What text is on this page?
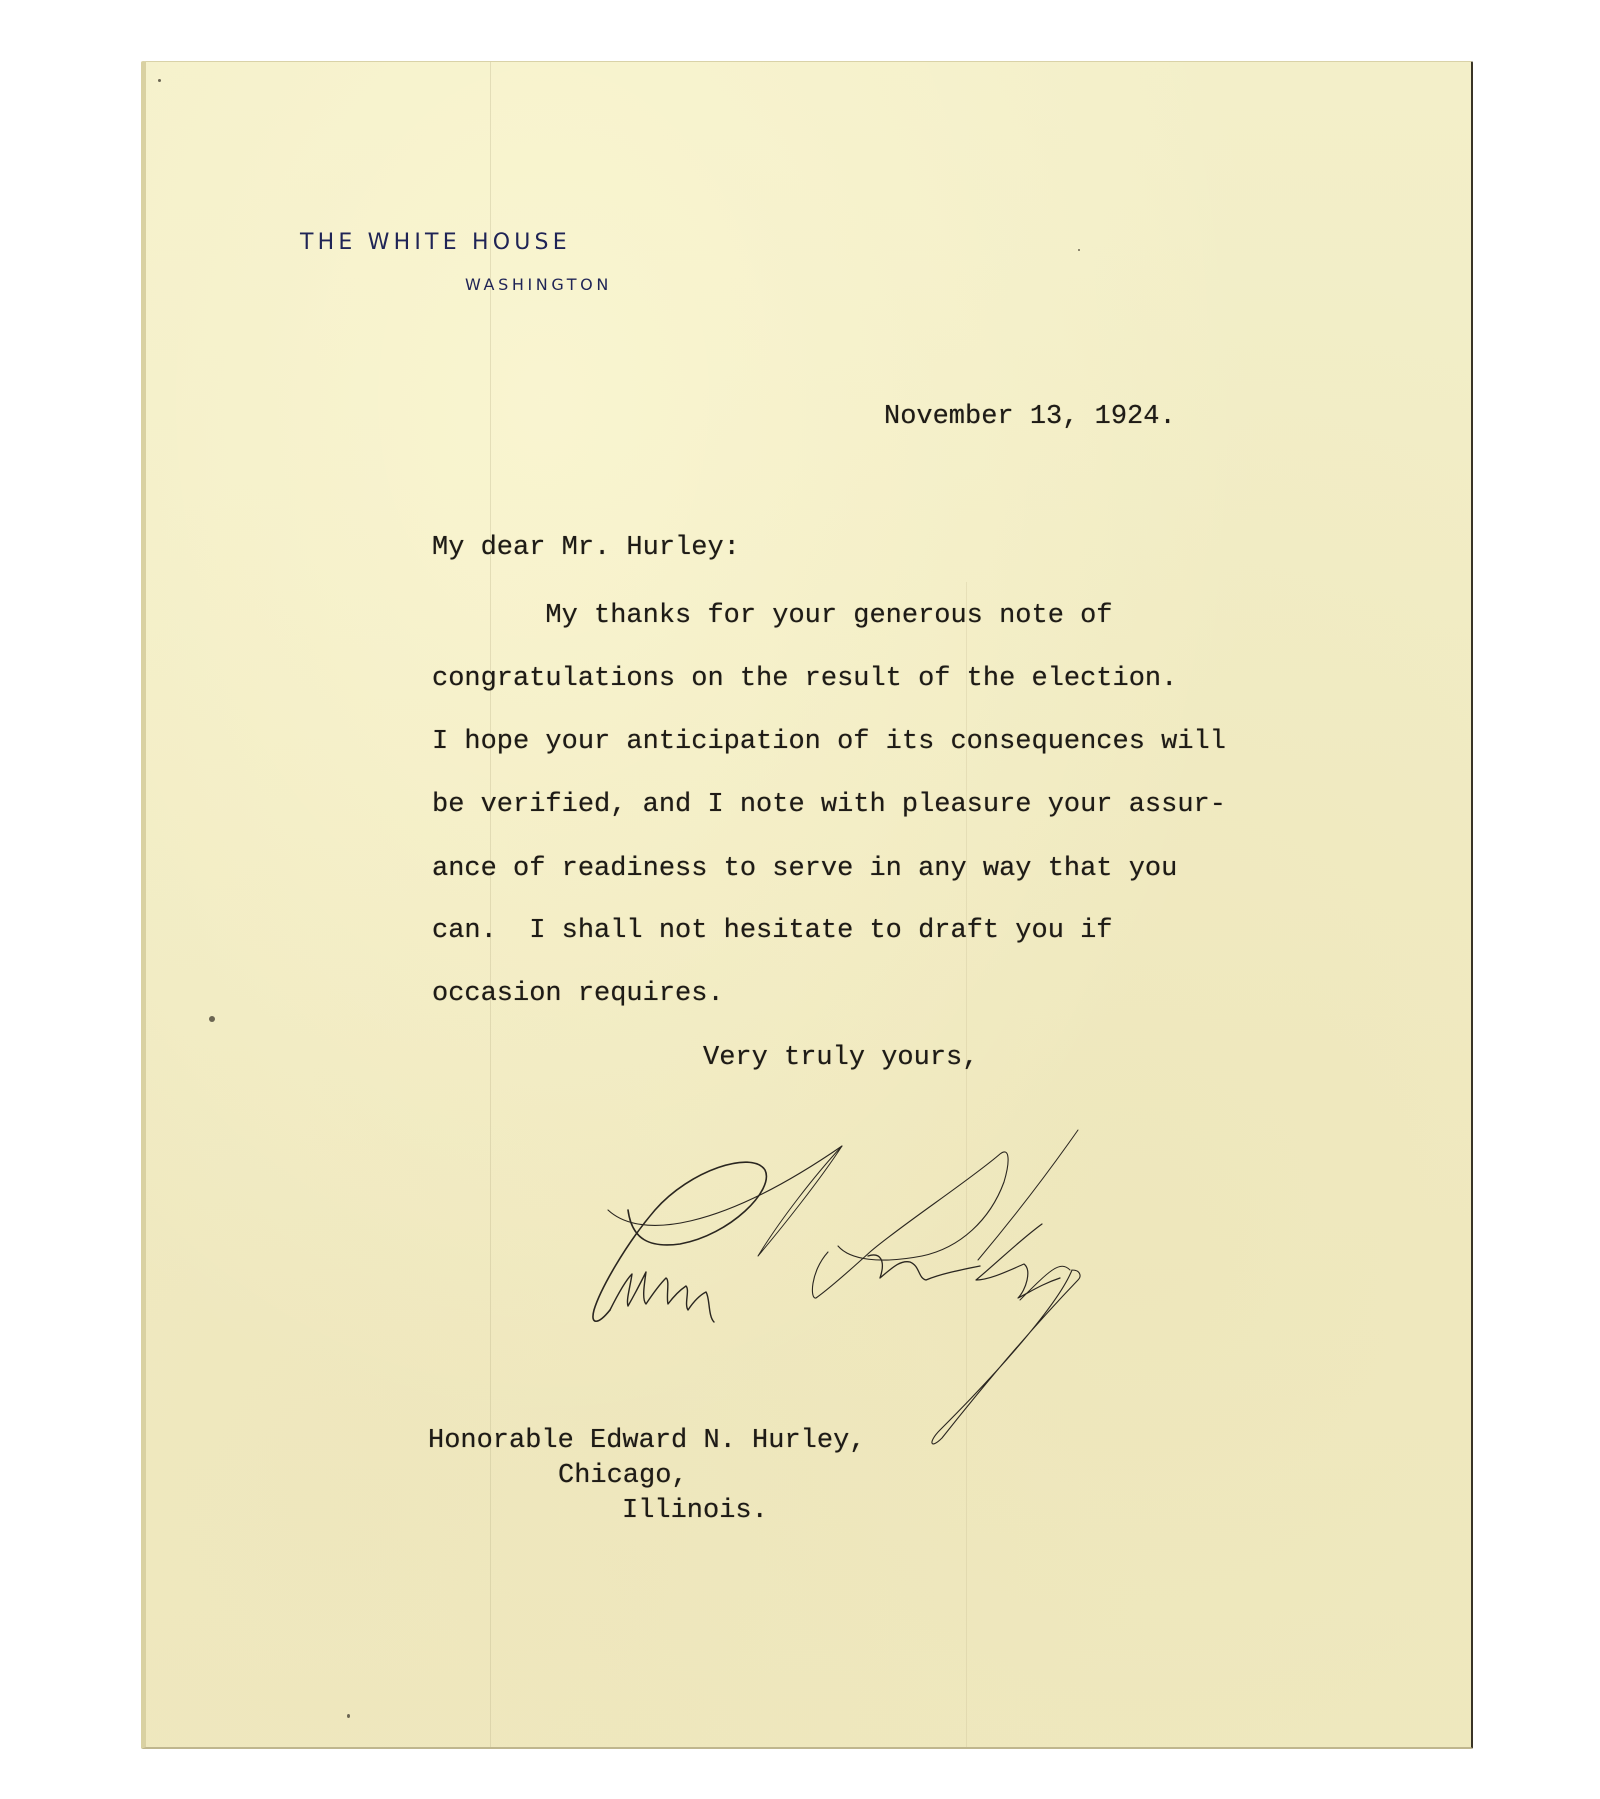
THE WHITE HOUSE
WASHINGTON
November 13, 1924.
My dear Mr. Hurley:
My thanks for your generous note of
congratulations on the result of the election.
I hope your anticipation of its consequences will
be verified, and I note with pleasure your assur-
ance of readiness to serve in any way that you
can.  I shall not hesitate to draft you if
occasion requires.
Very truly yours,
Honorable Edward N. Hurley,
Chicago,
Illinois.
